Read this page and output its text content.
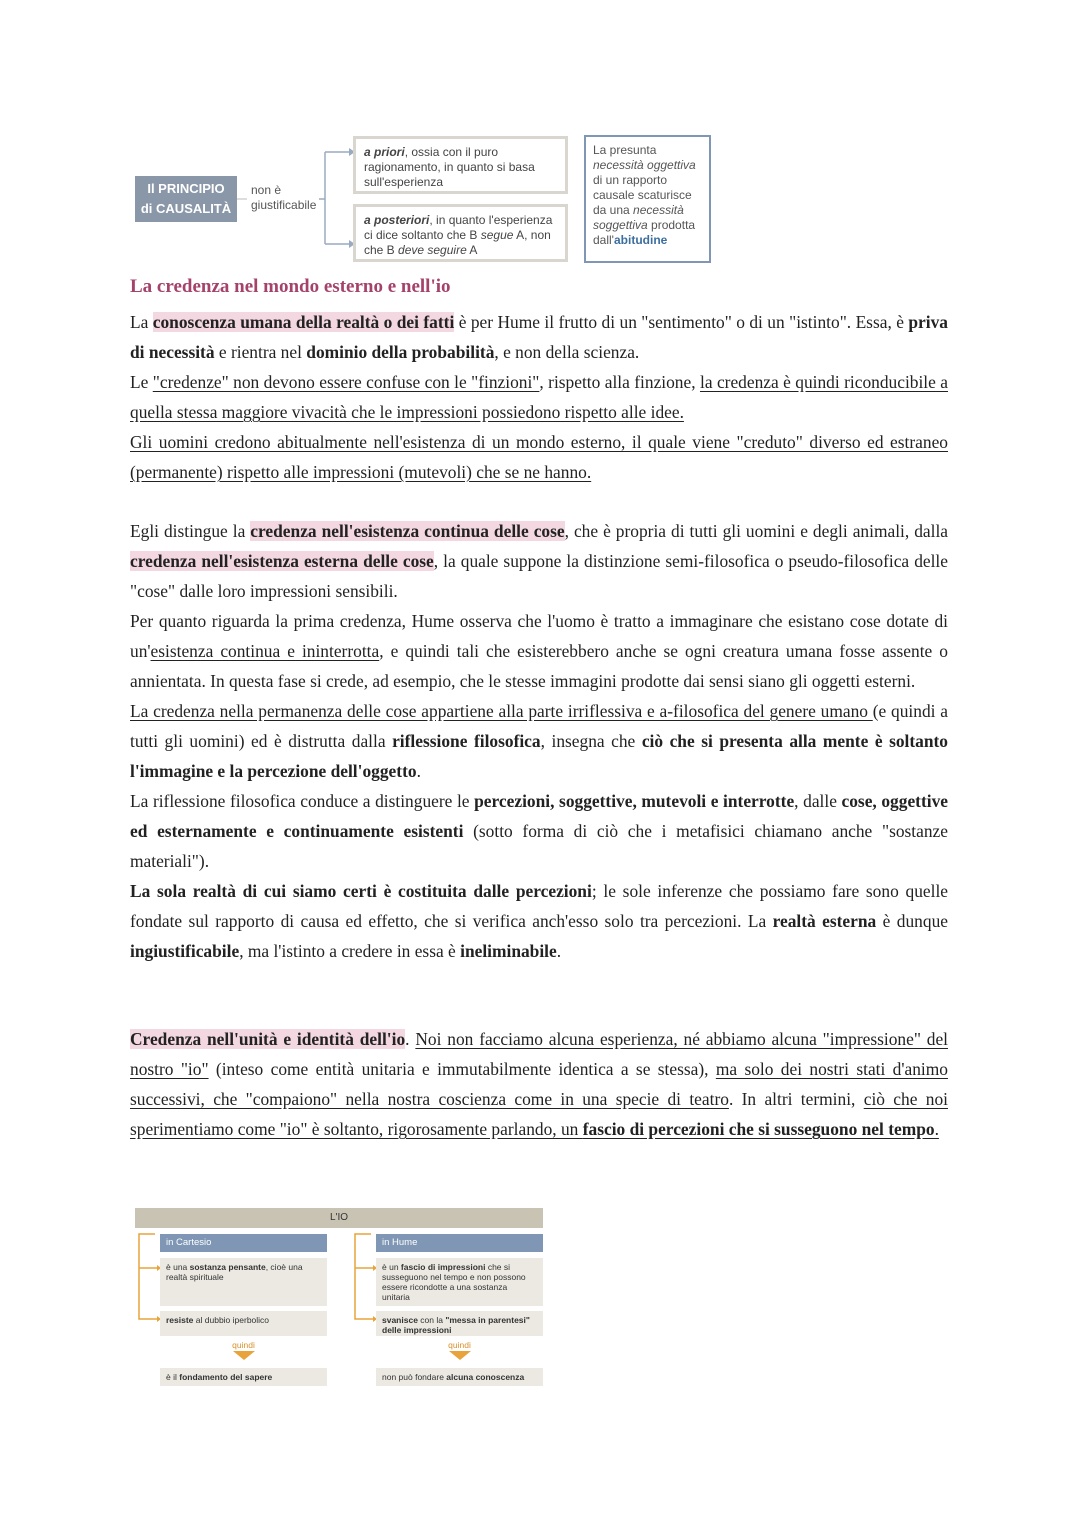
Il PRINCIPIO
di CAUSALITÀ
non è giustificabile
a priori, ossia con il puro ragionamento, in quanto si basa sull'esperienza
a posteriori, in quanto l'esperienza ci dice soltanto che B segue A, non che B deve seguire A
La presunta necessità oggettiva di un rapporto causale scaturisce da una necessità soggettiva prodotta dall'abitudine
La credenza nel mondo esterno e nell'io
La conoscenza umana della realtà o dei fatti è per Hume il frutto di un "sentimento" o di un "istinto". Essa, è priva di necessità e rientra nel dominio della probabilità, e non della scienza.
Le "credenze" non devono essere confuse con le "finzioni", rispetto alla finzione, la credenza è quindi riconducibile a quella stessa maggiore vivacità che le impressioni possiedono rispetto alle idee.
Gli uomini credono abitualmente nell'esistenza di un mondo esterno, il quale viene "creduto" diverso ed estraneo (permanente) rispetto alle impressioni (mutevoli) che se ne hanno.
Egli distingue la credenza nell'esistenza continua delle cose, che è propria di tutti gli uomini e degli animali, dalla credenza nell'esistenza esterna delle cose, la quale suppone la distinzione semi-filosofica o pseudo-filosofica delle "cose" dalle loro impressioni sensibili.
Per quanto riguarda la prima credenza, Hume osserva che l'uomo è tratto a immaginare che esistano cose dotate di un'esistenza continua e ininterrotta, e quindi tali che esisterebbero anche se ogni creatura umana fosse assente o annientata. In questa fase si crede, ad esempio, che le stesse immagini prodotte dai sensi siano gli oggetti esterni.
La credenza nella permanenza delle cose appartiene alla parte irriflessiva e a-filosofica del genere umano (e quindi a tutti gli uomini) ed è distrutta dalla riflessione filosofica, insegna che ciò che si presenta alla mente è soltanto l'immagine e la percezione dell'oggetto.
La riflessione filosofica conduce a distinguere le percezioni, soggettive, mutevoli e interrotte, dalle cose, oggettive ed esternamente e continuamente esistenti (sotto forma di ciò che i metafisici chiamano anche "sostanze materiali").
La sola realtà di cui siamo certi è costituita dalle percezioni; le sole inferenze che possiamo fare sono quelle fondate sul rapporto di causa ed effetto, che si verifica anch'esso solo tra percezioni. La realtà esterna è dunque ingiustificabile, ma l'istinto a credere in essa è ineliminabile.
Credenza nell'unità e identità dell'io. Noi non facciamo alcuna esperienza, né abbiamo alcuna "impressione" del nostro "io" (inteso come entità unitaria e immutabilmente identica a se stessa), ma solo dei nostri stati d'animo successivi, che "compaiono" nella nostra coscienza come in una specie di teatro. In altri termini, ciò che noi sperimentiamo come "io" è soltanto, rigorosamente parlando, un fascio di percezioni che si susseguono nel tempo.
L'IO
in Cartesio
è una sostanza pensante, cioè una realtà spirituale
resiste al dubbio iperbolico
quindi
è il fondamento del sapere
in Hume
è un fascio di impressioni che si susseguono nel tempo e non possono essere ricondotte a una sostanza unitaria
svanisce con la "messa in parentesi" delle impressioni
quindi
non può fondare alcuna conoscenza
